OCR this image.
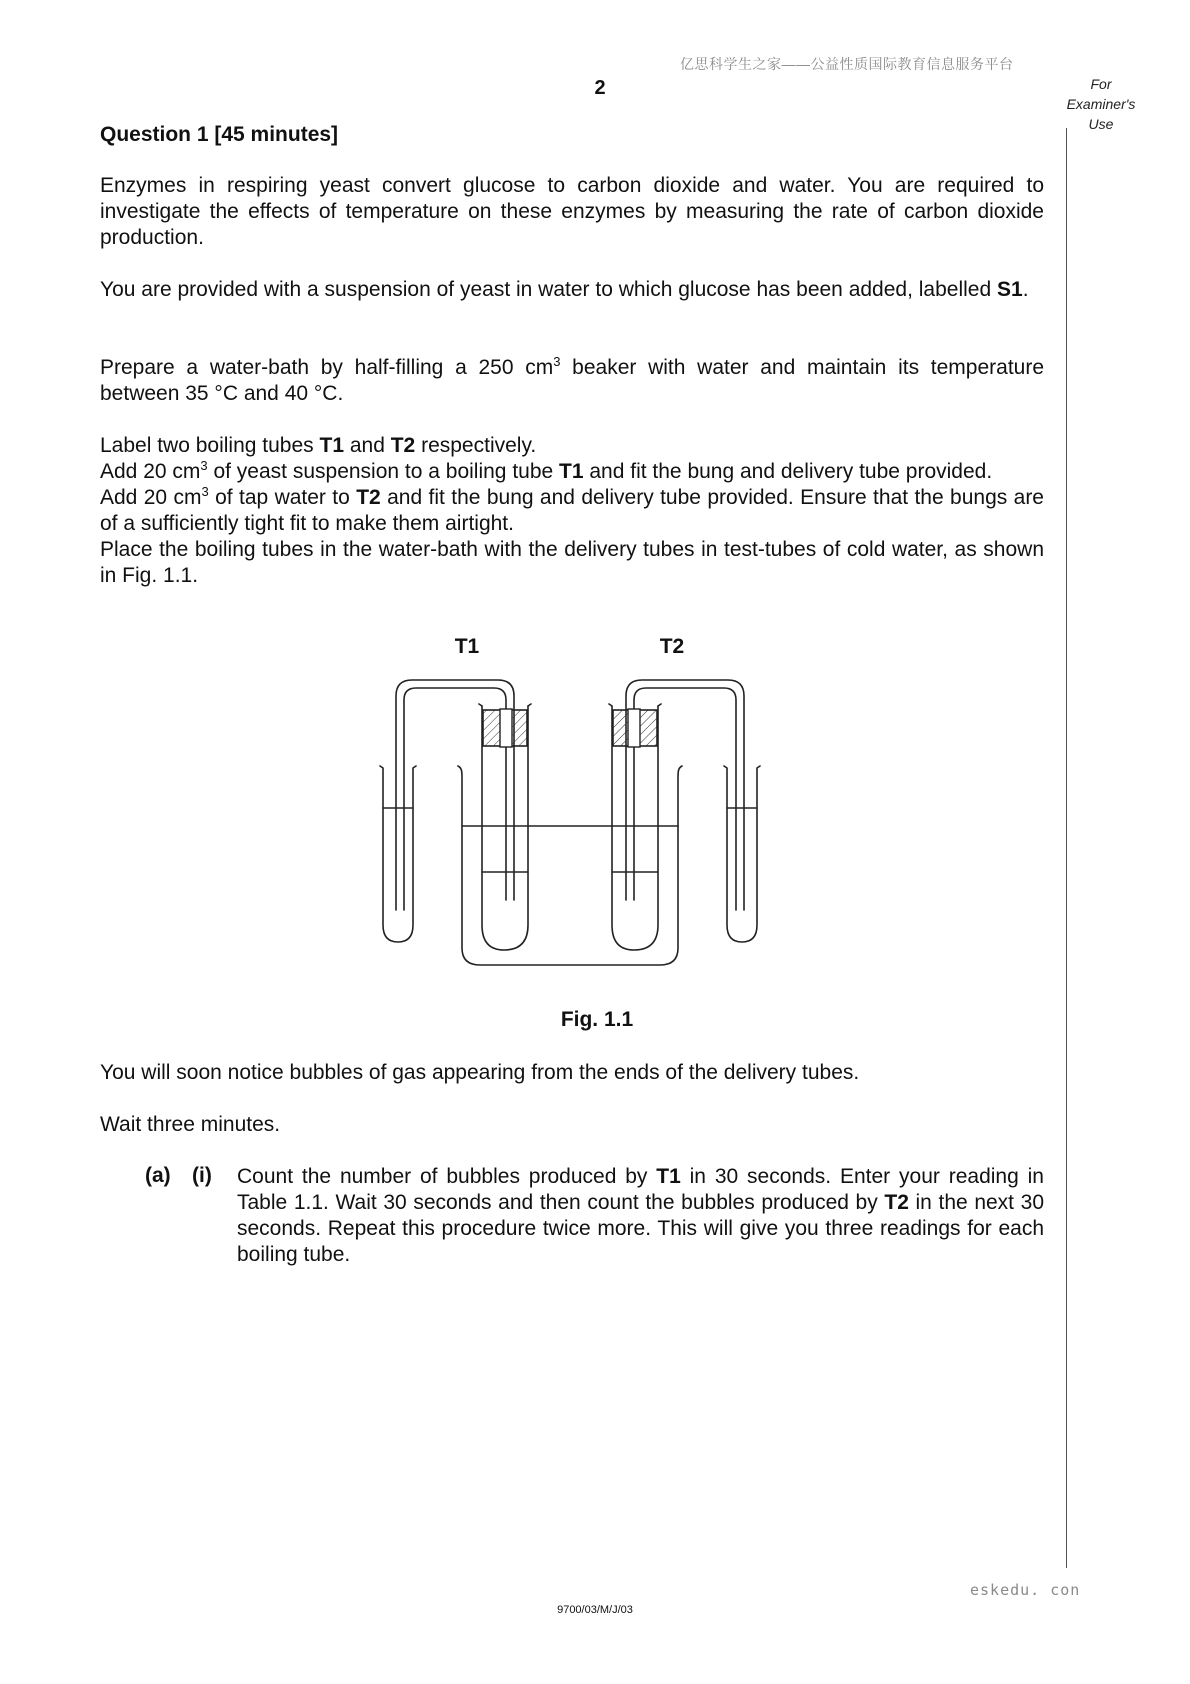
亿思科学生之家——公益性质国际教育信息服务平台
2	For
Examiner's
Use
Question 1 [45 minutes]
Enzymes in respiring yeast convert glucose to carbon dioxide and water. You are required to investigate the effects of temperature on these enzymes by measuring the rate of carbon dioxide production.
You are provided with a suspension of yeast in water to which glucose has been added, labelled S1.
Prepare a water-bath by half-filling a 250 $cm^3$ beaker with water and maintain its temperature between 35 °C and 40 °C.
Label two boiling tubes T1 and T2 respectively.
Add 20 $cm^3$ of yeast suspension to a boiling tube T1 and fit the bung and delivery tube provided.
Add 20 $cm^3$ of tap water to T2 and fit the bung and delivery tube provided. Ensure that the bungs are of a sufficiently tight fit to make them airtight.
Place the boiling tubes in the water-bath with the delivery tubes in test-tubes of cold water, as shown in Fig. 1.1.
T1	T2
Fig. 1.1
You will soon notice bubbles of gas appearing from the ends of the delivery tubes.
Wait three minutes.
(a) (i) Count the number of bubbles produced by T1 in 30 seconds. Enter your reading in Table 1.1. Wait 30 seconds and then count the bubbles produced by T2 in the next 30 seconds. Repeat this procedure twice more. This will give you three readings for each boiling tube.
eskedu. con
9700/03/M/J/03
